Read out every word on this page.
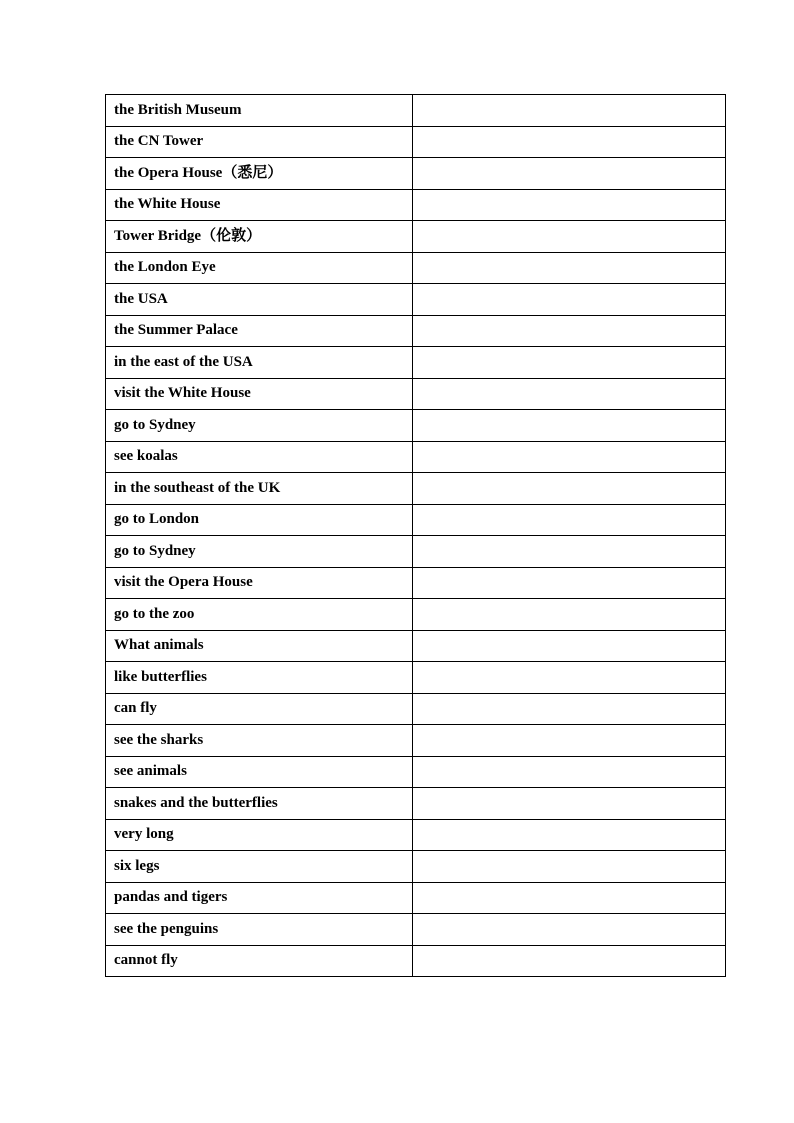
the British Museum	
the CN Tower	
the Opera House（悉尼）	
the White House	
Tower Bridge（伦敦）	
the London Eye	
the USA	
the Summer Palace	
in the east of the USA	
visit the White House	
go to Sydney	
see koalas	
in the southeast of the UK	
go to London	
go to Sydney	
visit the Opera House	
go to the zoo	
What animals	
like butterflies	
can fly	
see the sharks	
see animals	
snakes and the butterflies	
very long	
six legs	
pandas and tigers	
see the penguins	
cannot fly	
